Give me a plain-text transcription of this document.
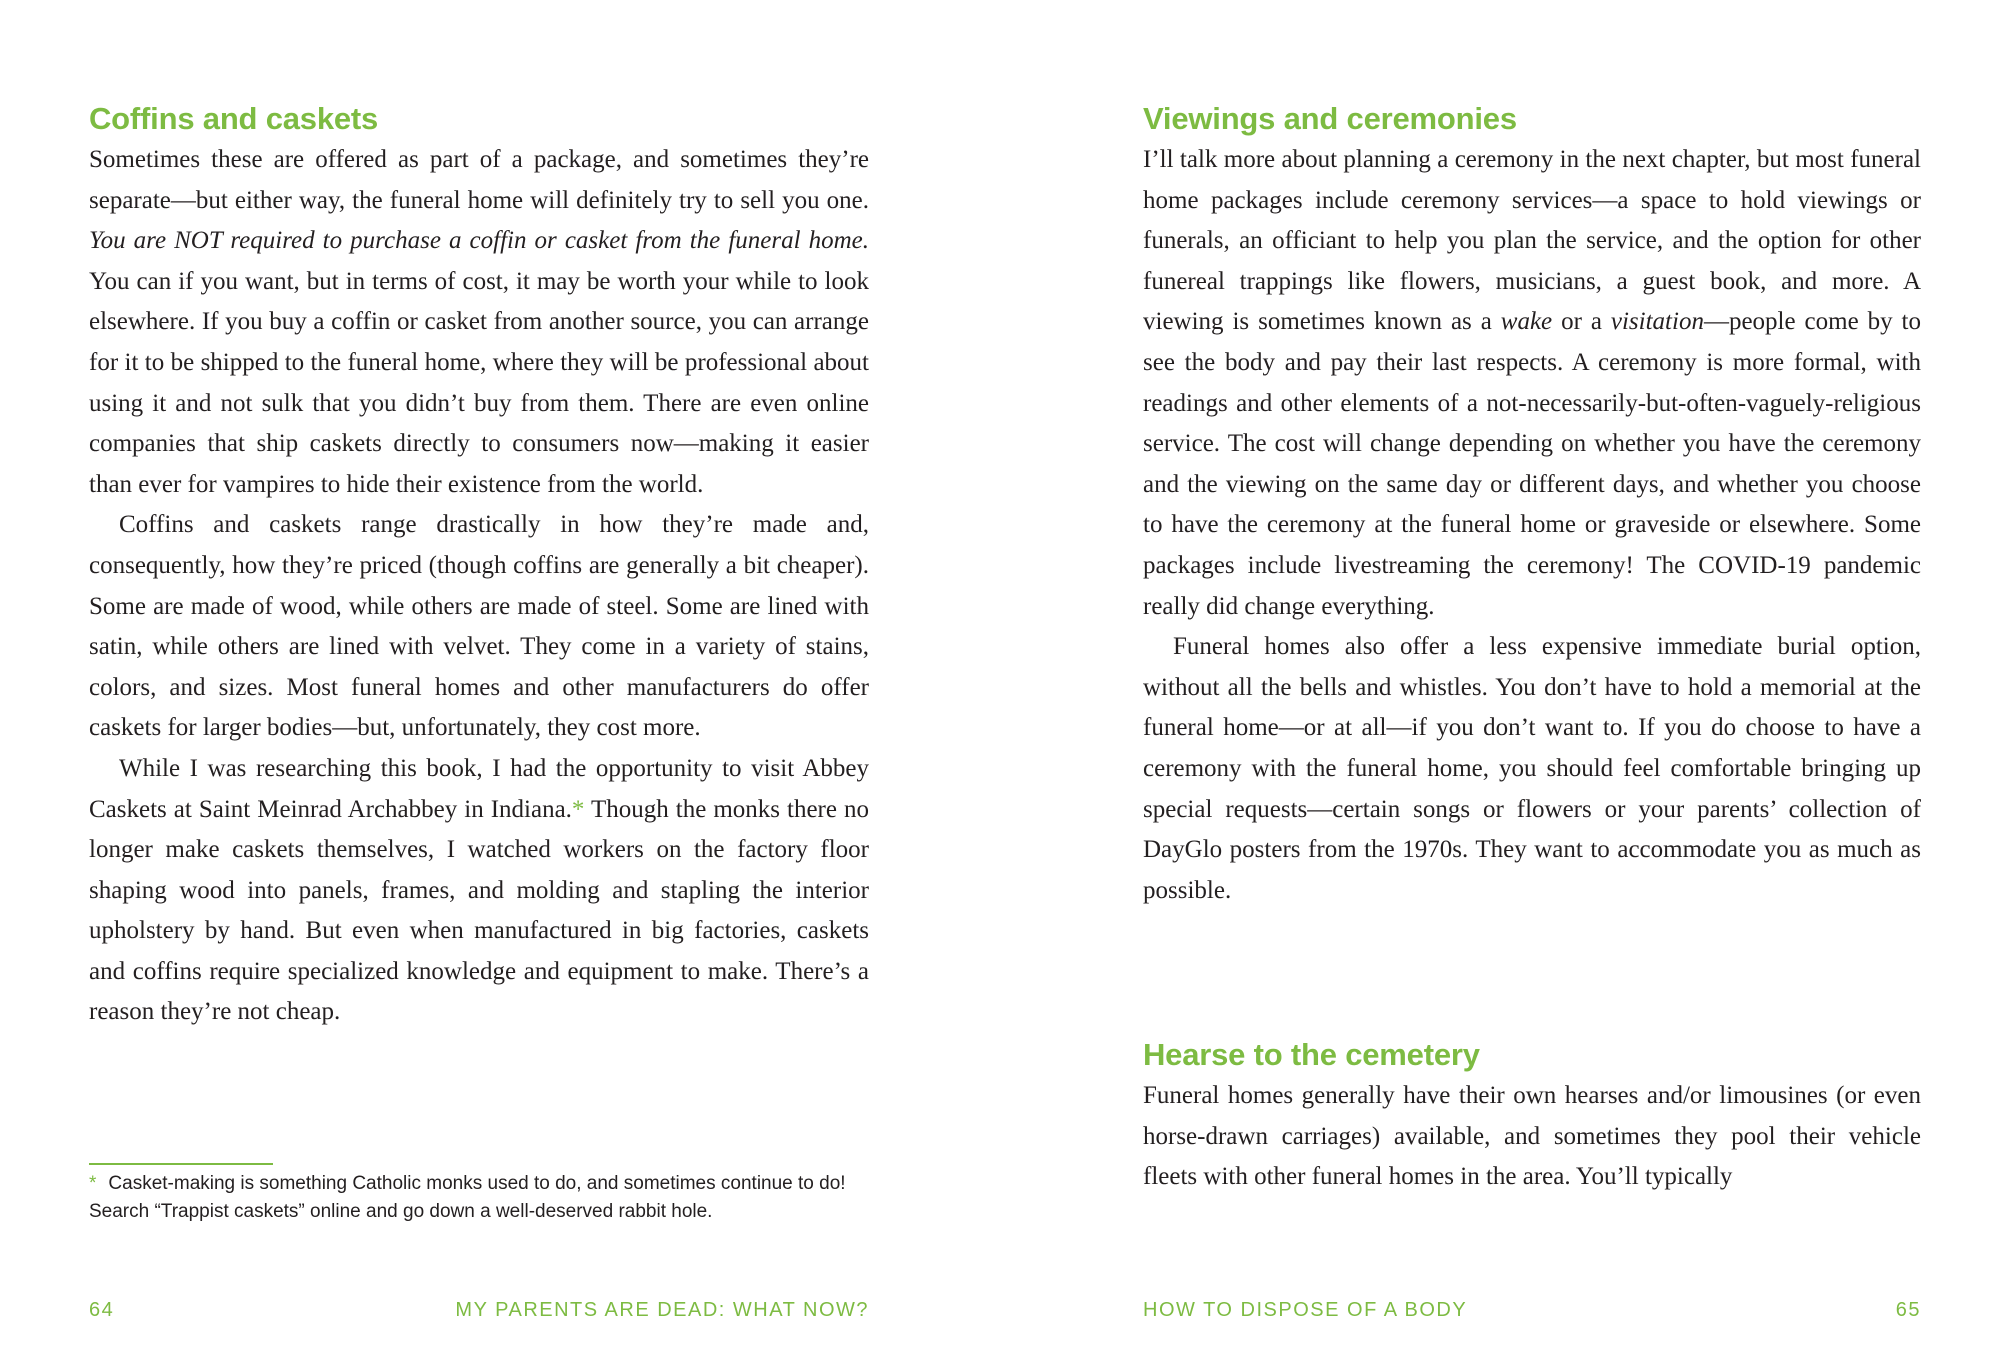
Coffins and caskets

Sometimes these are offered as part of a package, and sometimes they’re separate—but either way, the funeral home will definitely try to sell you one. You are NOT required to purchase a coffin or casket from the funeral home. You can if you want, but in terms of cost, it may be worth your while to look elsewhere. If you buy a coffin or casket from another source, you can arrange for it to be shipped to the funeral home, where they will be professional about using it and not sulk that you didn’t buy from them. There are even online companies that ship caskets directly to consumers now—making it easier than ever for vampires to hide their existence from the world.

Coffins and caskets range drastically in how they’re made and, consequently, how they’re priced (though coffins are generally a bit cheaper). Some are made of wood, while others are made of steel. Some are lined with satin, while others are lined with velvet. They come in a variety of stains, colors, and sizes. Most funeral homes and other manufacturers do offer caskets for larger bodies—but, unfortunately, they cost more.

While I was researching this book, I had the opportunity to visit Abbey Caskets at Saint Meinrad Archabbey in Indiana.* Though the monks there no longer make caskets themselves, I watched workers on the factory floor shaping wood into panels, frames, and molding and stapling the interior upholstery by hand. But even when manufactured in big factories, caskets and coffins require specialized knowledge and equipment to make. There’s a reason they’re not cheap.

* Casket-making is something Catholic monks used to do, and sometimes continue to do! Search “Trappist caskets” online and go down a well-deserved rabbit hole.

64	MY PARENTS ARE DEAD: WHAT NOW?
Viewings and ceremonies

I’ll talk more about planning a ceremony in the next chapter, but most funeral home packages include ceremony services—a space to hold viewings or funerals, an officiant to help you plan the service, and the option for other funereal trappings like flowers, musicians, a guest book, and more. A viewing is sometimes known as a wake or a visitation—people come by to see the body and pay their last respects. A ceremony is more formal, with readings and other elements of a not-necessarily-but-often-vaguely-religious service. The cost will change depending on whether you have the ceremony and the viewing on the same day or different days, and whether you choose to have the ceremony at the funeral home or graveside or elsewhere. Some packages include livestreaming the ceremony! The COVID-19 pandemic really did change everything.

Funeral homes also offer a less expensive immediate burial option, without all the bells and whistles. You don’t have to hold a memorial at the funeral home—or at all—if you don’t want to. If you do choose to have a ceremony with the funeral home, you should feel comfortable bringing up special requests—certain songs or flowers or your parents’ collection of DayGlo posters from the 1970s. They want to accommodate you as much as possible.

Hearse to the cemetery

Funeral homes generally have their own hearses and/or limousines (or even horse-drawn carriages) available, and sometimes they pool their vehicle fleets with other funeral homes in the area. You’ll typically

HOW TO DISPOSE OF A BODY	65
